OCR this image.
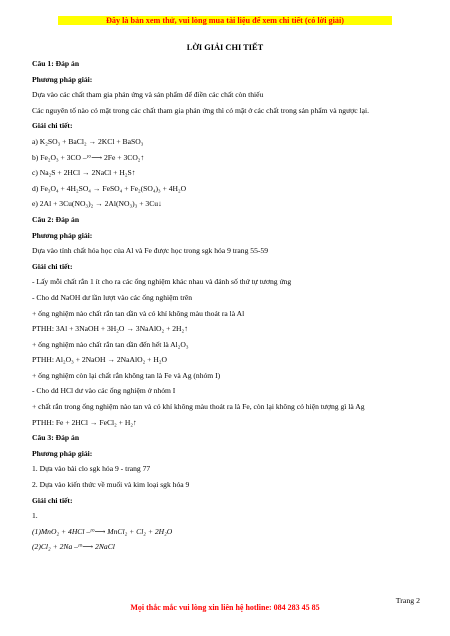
Đây là bản xem thử, vui lòng mua tài liệu để xem chi tiết (có lời giải)
LỜI GIẢI CHI TIẾT
Câu 1: Đáp án
Phương pháp giải:
Dựa vào các chất tham gia phản ứng và sản phẩm để điền các chất còn thiếu
Các nguyên tố nào có mặt trong các chất tham gia phản ứng thì có mặt ở các chất trong sản phẩm và ngược lại.
Giải chi tiết:
a) K₂SO₃ + BaCl₂ → 2KCl + BaSO₃
b) Fe₂O₃ + 3CO –ᵗ°⟶ 2Fe + 3CO₂↑
c) Na₂S + 2HCl → 2NaCl + H₂S↑
d) Fe₃O₄ + 4H₂SO₄ → FeSO₄ + Fe₂(SO₄)₃ + 4H₂O
e) 2Al + 3Cu(NO₃)₂ → 2Al(NO₃)₃ + 3Cu↓
Câu 2: Đáp án
Phương pháp giải:
Dựa vào tính chất hóa học của Al và Fe được học trong sgk hóa 9 trang 55-59
Giải chi tiết:
- Lấy mỗi chất rắn 1 ít cho ra các ống nghiệm khác nhau và đánh số thứ tự tương ứng
- Cho dd NaOH dư lần lượt vào các ống nghiệm trên
+ ống nghiệm nào chất rắn tan dần và có khí không màu thoát ra là Al
PTHH: 3Al + 3NaOH + 3H₂O → 3NaAlO₂ + 2H₂↑
+ ống nghiệm nào chất rắn tan dần đến hết là Al₂O₃
PTHH: Al₂O₃ + 2NaOH → 2NaAlO₂ + H₂O
+ ống nghiệm còn lại chất rắn không tan là Fe và Ag (nhóm I)
- Cho dd HCl dư vào các ống nghiệm ở nhóm I
+ chất rắn trong ống nghiệm nào tan và có khí không màu thoát ra là Fe, còn lại không có hiện tượng gì là Ag
PTHH: Fe + 2HCl → FeCl₂ + H₂↑
Câu 3: Đáp án
Phương pháp giải:
1. Dựa vào bài clo sgk hóa 9 - trang 77
2. Dựa vào kiến thức về muối và kim loại sgk hóa 9
Giải chi tiết:
1.
(1)MnO₂ + 4HCl –ᵗ°⟶ MnCl₂ + Cl₂ + 2H₂O
(2)Cl₂ + 2Na –ᵗ°⟶ 2NaCl
Trang 2
Mọi thắc mắc vui lòng xin liên hệ hotline: 084 283 45 85
